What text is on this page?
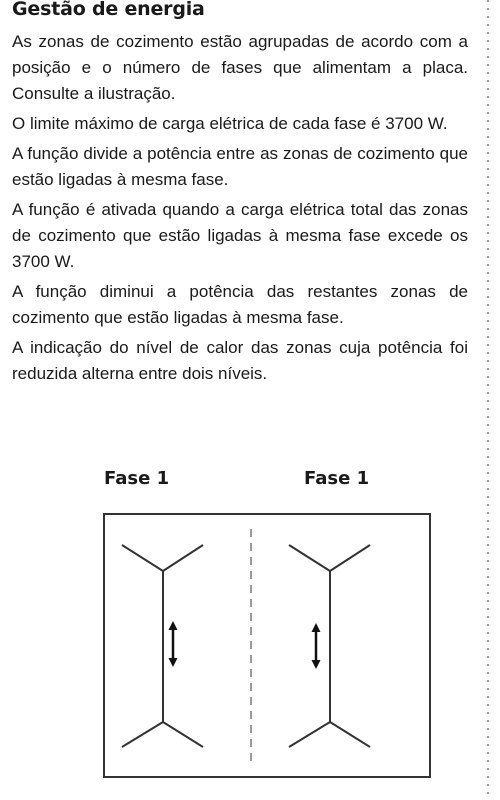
Gestão de energia

As zonas de cozimento estão agrupadas de acordo com a posição e o número de fases que alimentam a placa. Consulte a ilustração.

O limite máximo de carga elétrica de cada fase é 3700 W.

A função divide a potência entre as zonas de cozimento que estão ligadas à mesma fase.

A função é ativada quando a carga elétrica total das zonas de cozimento que estão ligadas à mesma fase excede os 3700 W.

A função diminui a potência das restantes zonas de cozimento que estão ligadas à mesma fase.

A indicação do nível de calor das zonas cuja potência foi reduzida alterna entre dois níveis.

Fase 1	Fase 1
